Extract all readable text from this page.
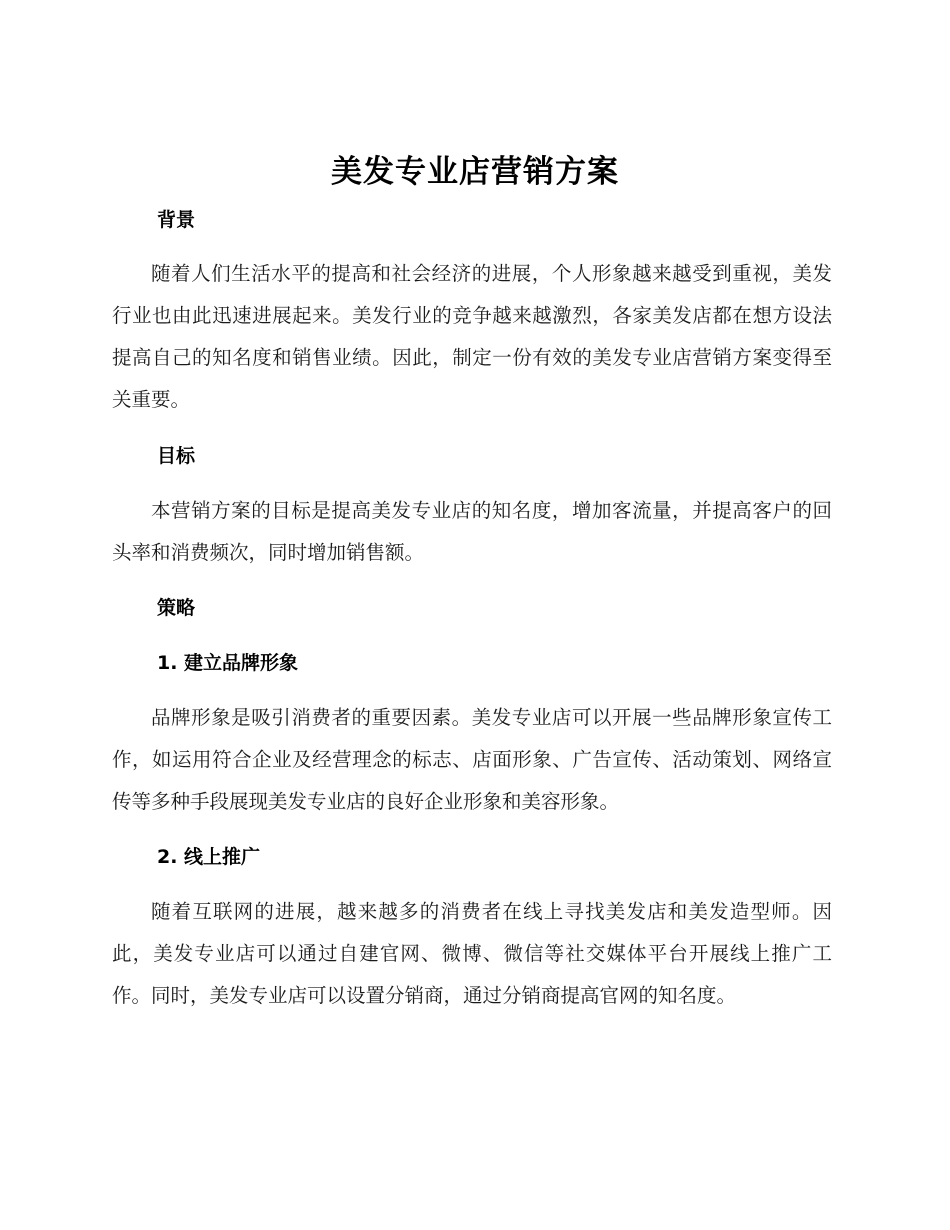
美发专业店营销方案
背景
随着人们生活水平的提高和社会经济的进展，个人形象越来越受到重视，美发行业也由此迅速进展起来。美发行业的竞争越来越激烈，各家美发店都在想方设法提高自己的知名度和销售业绩。因此，制定一份有效的美发专业店营销方案变得至关重要。
目标
本营销方案的目标是提高美发专业店的知名度，增加客流量，并提高客户的回头率和消费频次，同时增加销售额。
策略
1. 建立品牌形象
品牌形象是吸引消费者的重要因素。美发专业店可以开展一些品牌形象宣传工作，如运用符合企业及经营理念的标志、店面形象、广告宣传、活动策划、网络宣传等多种手段展现美发专业店的良好企业形象和美容形象。
2. 线上推广
随着互联网的进展，越来越多的消费者在线上寻找美发店和美发造型师。因此，美发专业店可以通过自建官网、微博、微信等社交媒体平台开展线上推广工作。同时，美发专业店可以设置分销商，通过分销商提高官网的知名度。
